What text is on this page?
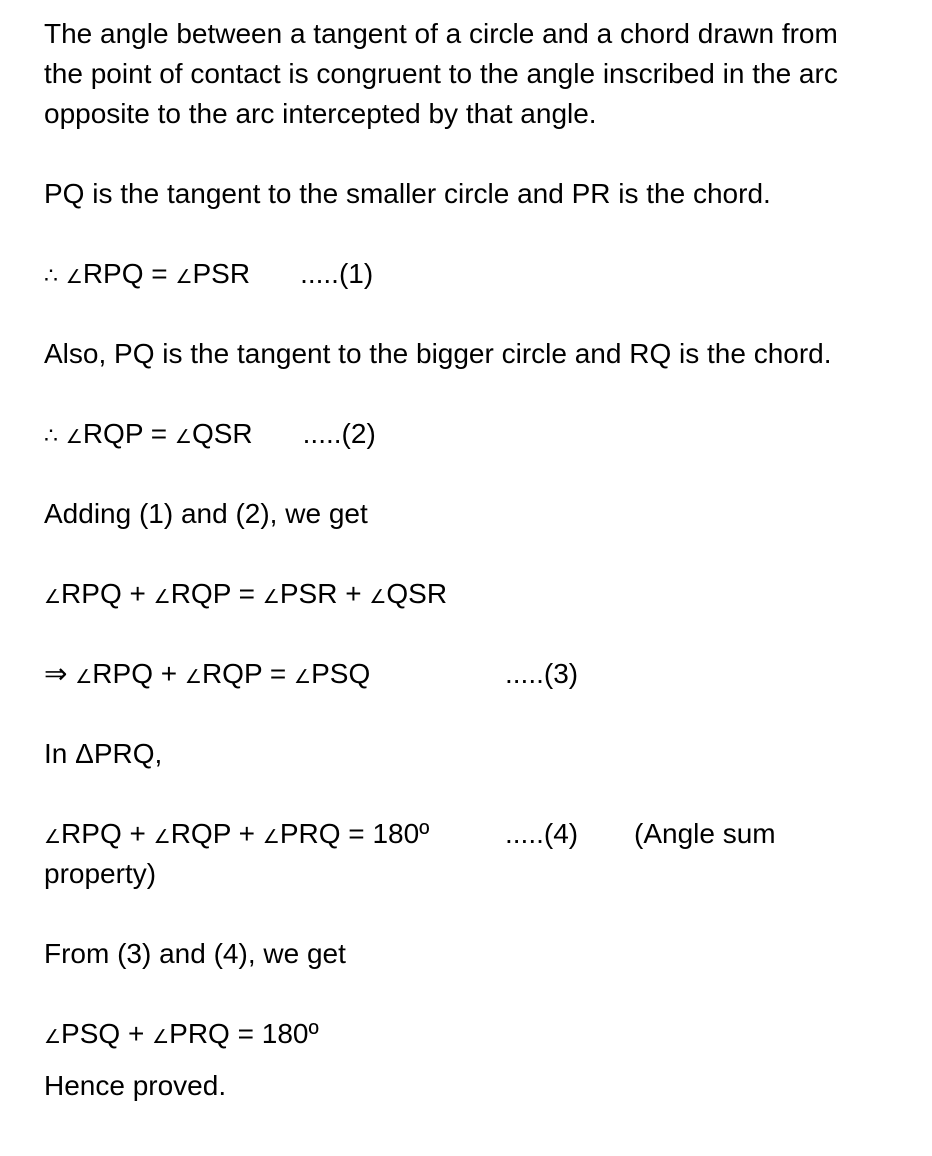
The angle between a tangent of a circle and a chord drawn from
the point of contact is congruent to the angle inscribed in the arc
opposite to the arc intercepted by that angle.
PQ is the tangent to the smaller circle and PR is the chord.
∴ ∠RPQ = ∠PSR .....(1)
Also, PQ is the tangent to the bigger circle and RQ is the chord.
∴ ∠RQP = ∠QSR .....(2)
Adding (1) and (2), we get
∠RPQ + ∠RQP = ∠PSR + ∠QSR
⇒ ∠RPQ + ∠RQP = ∠PSQ	.....(3)
In ΔPRQ,
∠RPQ + ∠RQP + ∠PRQ = 180º	.....(4) (Angle sum
property)
From (3) and (4), we get
∠PSQ + ∠PRQ = 180º
Hence proved.
